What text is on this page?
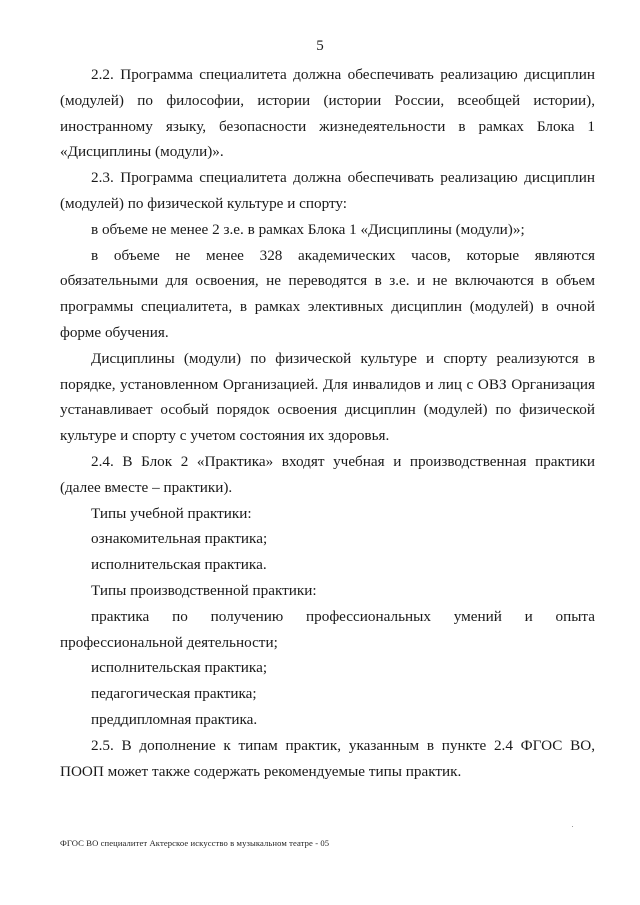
5

2.2. Программа специалитета должна обеспечивать реализацию дисциплин (модулей) по философии, истории (истории России, всеобщей истории), иностранному языку, безопасности жизнедеятельности в рамках Блока 1 «Дисциплины (модули)».

2.3. Программа специалитета должна обеспечивать реализацию дисциплин (модулей) по физической культуре и спорту:

в объеме не менее 2 з.е. в рамках Блока 1 «Дисциплины (модули)»;

в объеме не менее 328 академических часов, которые являются обязательными для освоения, не переводятся в з.е. и не включаются в объем программы специалитета, в рамках элективных дисциплин (модулей) в очной форме обучения.

Дисциплины (модули) по физической культуре и спорту реализуются в порядке, установленном Организацией. Для инвалидов и лиц с ОВЗ Организация устанавливает особый порядок освоения дисциплин (модулей) по физической культуре и спорту с учетом состояния их здоровья.

2.4. В Блок 2 «Практика» входят учебная и производственная практики (далее вместе – практики).

Типы учебной практики:

ознакомительная практика;

исполнительская практика.

Типы производственной практики:

практика по получению профессиональных умений и опыта профессиональной деятельности;

исполнительская практика;

педагогическая практика;

преддипломная практика.

2.5. В дополнение к типам практик, указанным в пункте 2.4 ФГОС ВО, ПООП может также содержать рекомендуемые типы практик.

ФГОС ВО специалитет Актерское искусство в музыкальном театре - 05
